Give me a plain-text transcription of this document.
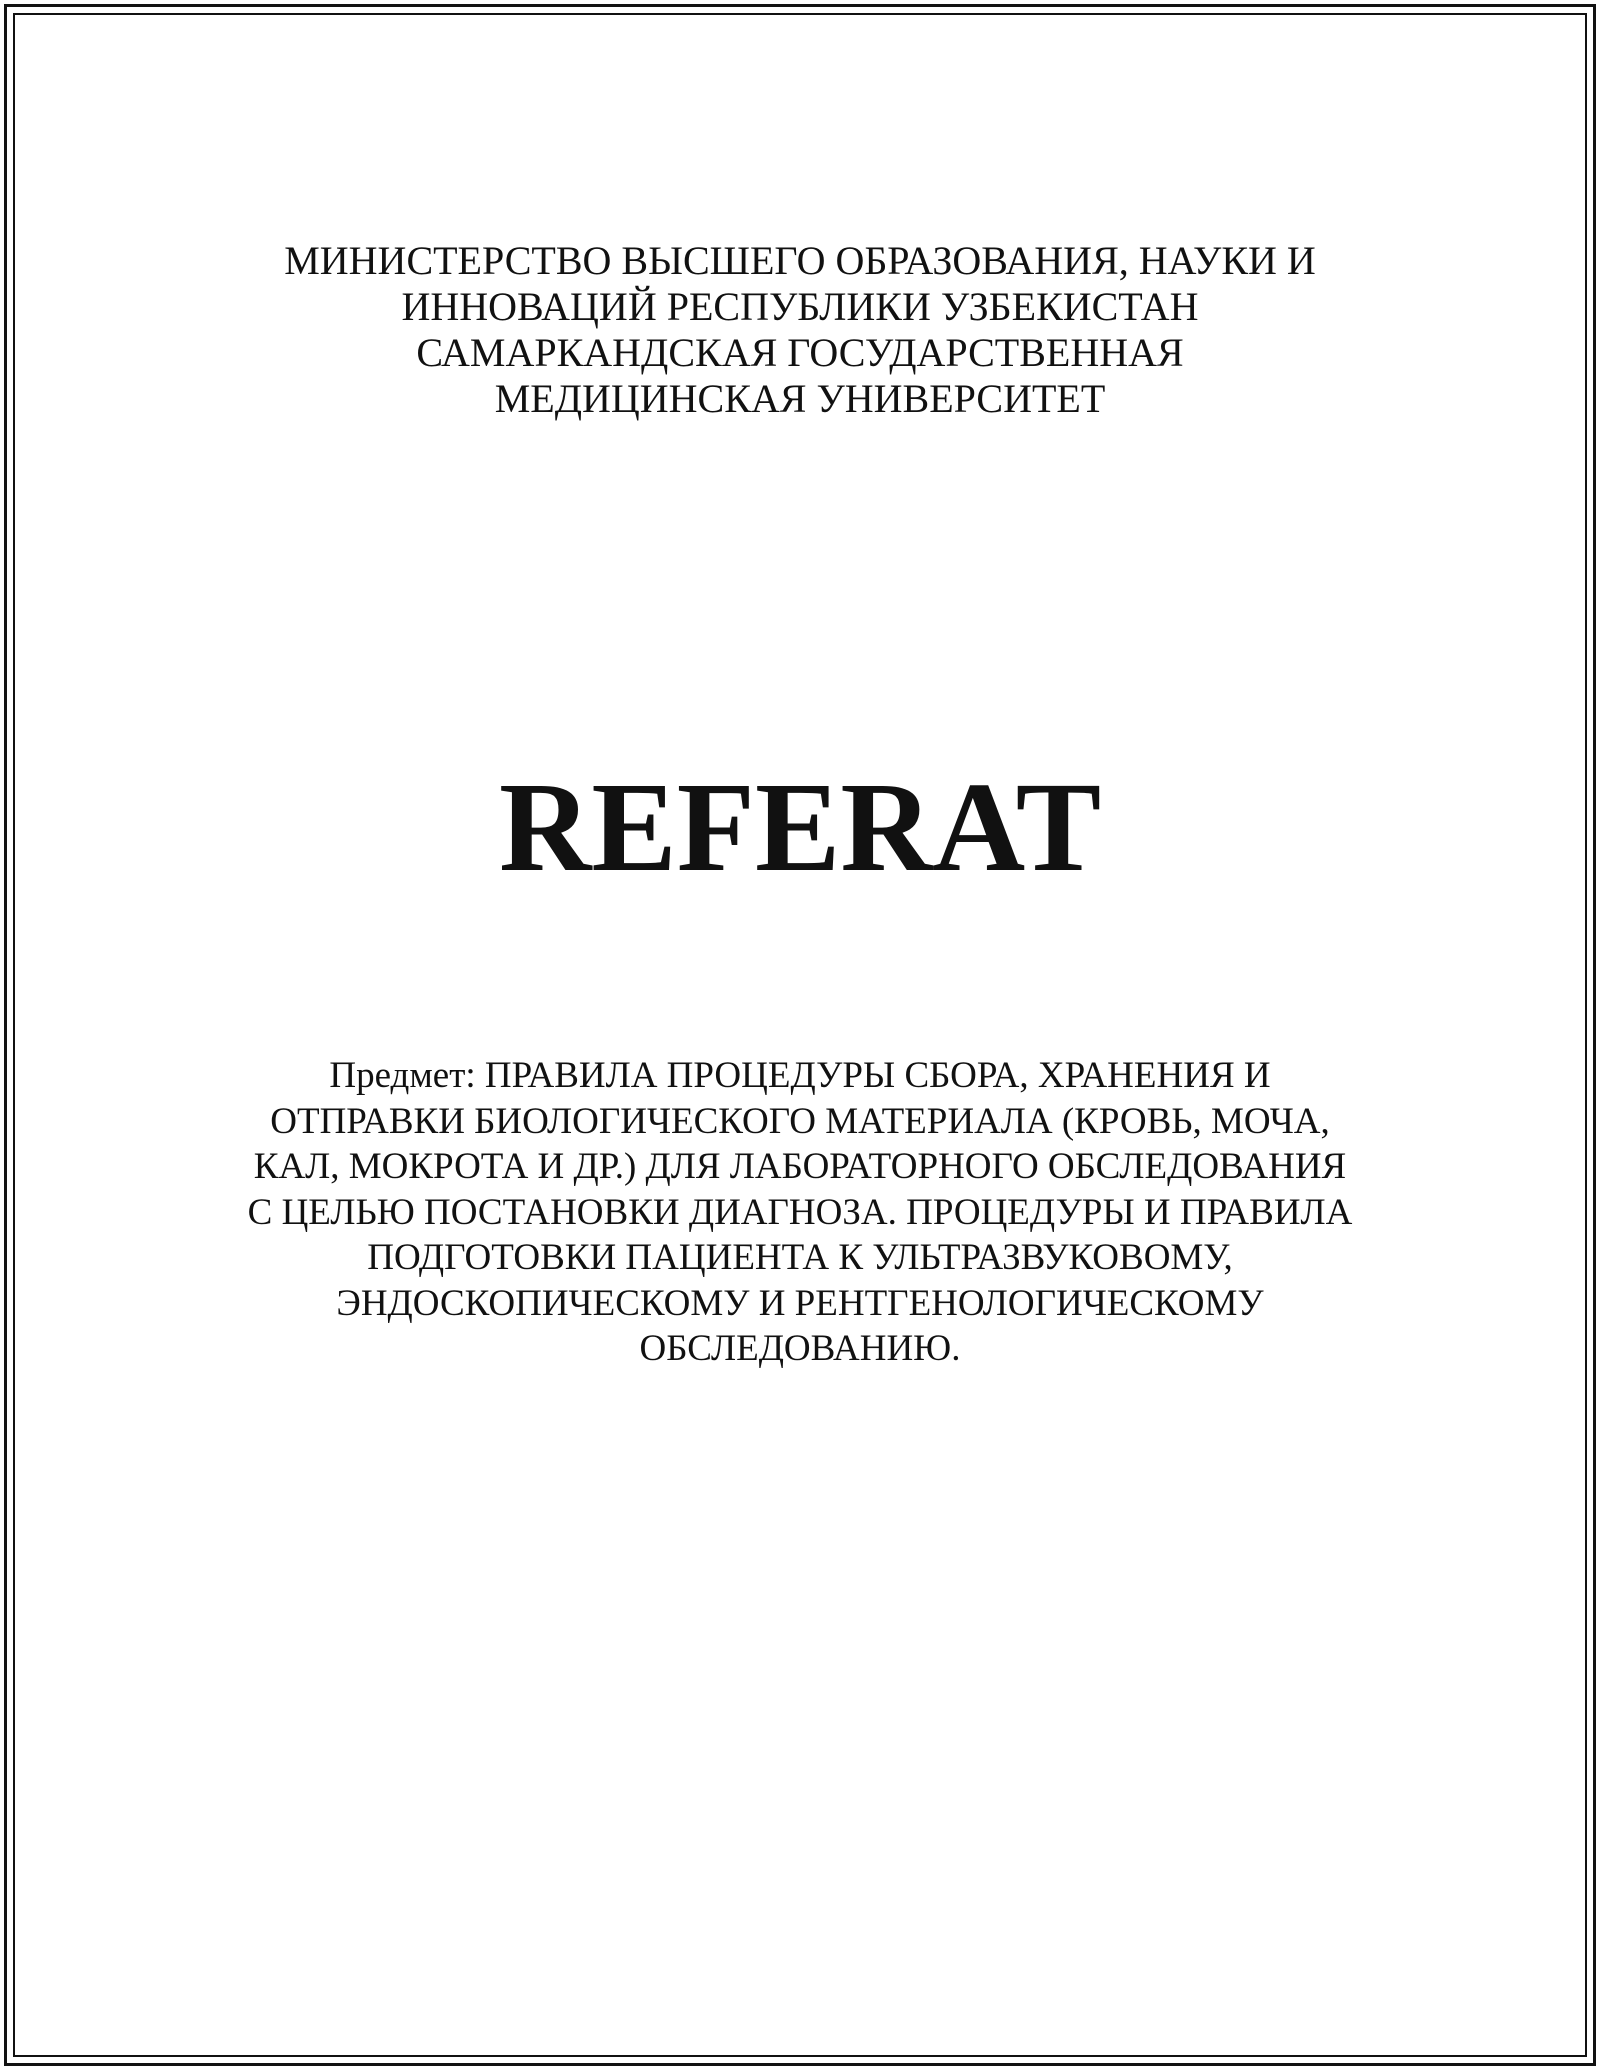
МИНИСТЕРСТВО ВЫСШЕГО ОБРАЗОВАНИЯ, НАУКИ И
ИННОВАЦИЙ РЕСПУБЛИКИ УЗБЕКИСТАН
САМАРКАНДСКАЯ ГОСУДАРСТВЕННАЯ
МЕДИЦИНСКАЯ УНИВЕРСИТЕТ
REFERAT
Предмет: ПРАВИЛА ПРОЦЕДУРЫ СБОРА, ХРАНЕНИЯ И
ОТПРАВКИ БИОЛОГИЧЕСКОГО МАТЕРИАЛА (КРОВЬ, МОЧА,
КАЛ, МОКРОТА И ДР.) ДЛЯ ЛАБОРАТОРНОГО ОБСЛЕДОВАНИЯ
С ЦЕЛЬЮ ПОСТАНОВКИ ДИАГНОЗА. ПРОЦЕДУРЫ И ПРАВИЛА
ПОДГОТОВКИ ПАЦИЕНТА К УЛЬТРАЗВУКОВОМУ,
ЭНДОСКОПИЧЕСКОМУ И РЕНТГЕНОЛОГИЧЕСКОМУ
ОБСЛЕДОВАНИЮ.
